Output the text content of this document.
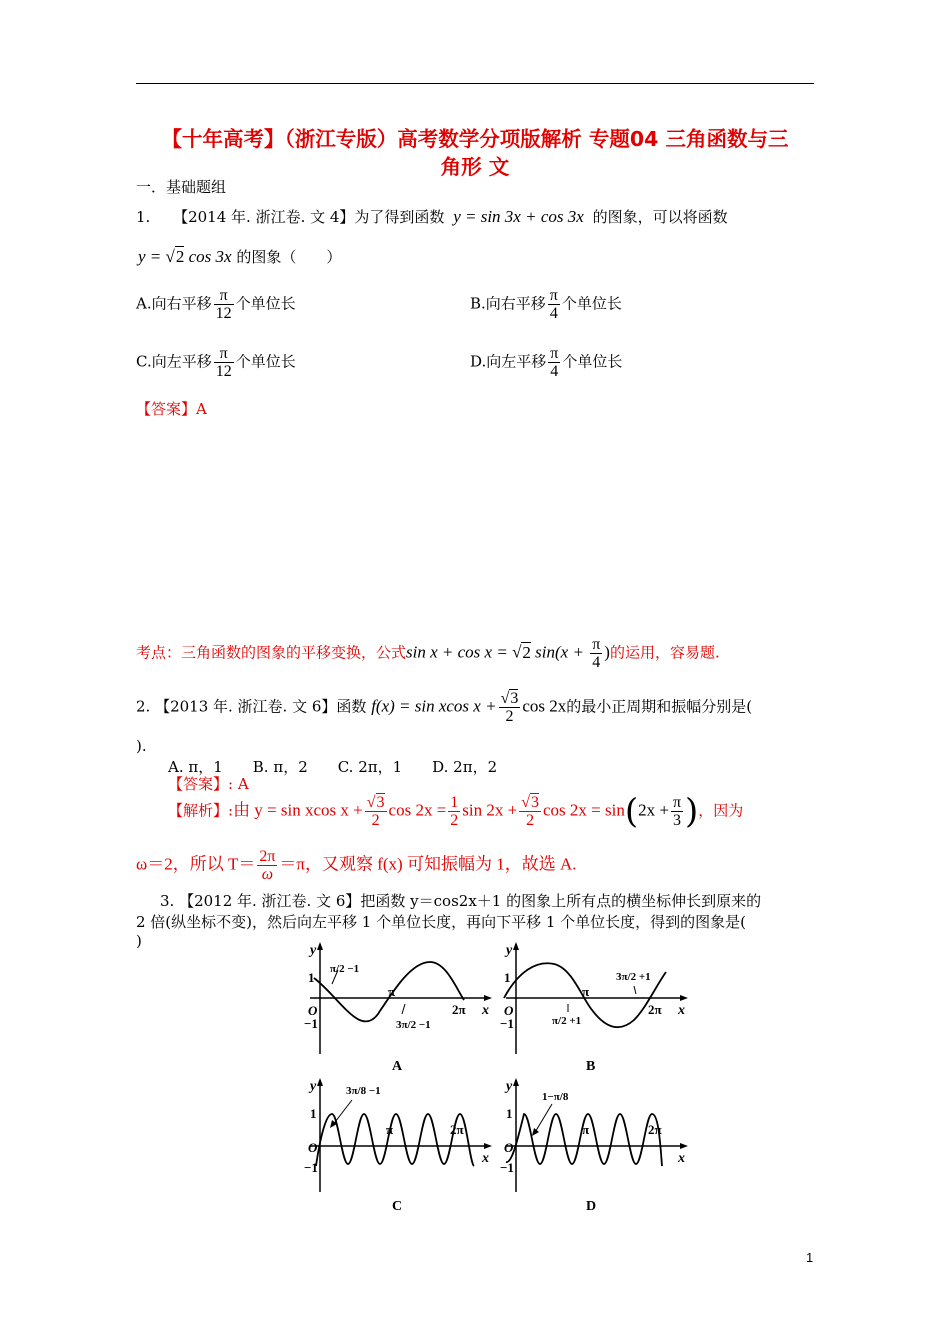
【十年高考】（浙江专版）高考数学分项版解析 专题04 三角函数与三
角形 文
一．基础题组
1. 【2014 年. 浙江卷. 文 4】为了得到函数 y = sin 3x + cos 3x 的图象，可以将函数
y = √2 cos 3x 的图象（　　）
A.向右平移 $\frac{\pi}{12}$ 个单位长	B.向右平移 $\frac{\pi}{4}$ 个单位长
C.向左平移 $\frac{\pi}{12}$ 个单位长	D.向左平移 $\frac{\pi}{4}$ 个单位长
【答案】A
考点：三角函数的图象的平移变换，公式sin x + cos x = √2 $\sin(x + \frac{\pi}{4}$ )的运用，容易题.
2. 【2013 年. 浙江卷. 文 6】函数 f(x) = sin xcos $x + \frac{√3}{2}$ cos 2x的最小正周期和振幅分别是(
).
A. π，1　　B. π，2　　C. 2π，1　　D. 2π，2
【答案】: A
【解析】:由 y = sin xcos $x + \frac{√3}{2}$ $\cos 2x = \frac{1}{2}$ $\sin 2x + \frac{√3}{2}$ $\cos 2x = \sin(2x + \frac{\pi}{3}$ )，因为
ω＝2，所以 $T= \frac{2\pi}{\omega} =\pi$，又观察 f(x) 可知振幅为 1，故选 A.
3. 【2012 年. 浙江卷. 文 6】把函数 y＝cos2x＋1 的图象上所有点的横坐标伸长到原来的
2 倍(纵坐标不变)，然后向左平移 1 个单位长度，再向下平移 1 个单位长度，得到的图象是(
)
y
x
O
1
−1
π
2π
π/2 −1
3π/2 −1
A
y
x
O
1
−1
π
2π
π/2 +1
3π/2 +1
B
y
x
O
1
−1
π	2π
3π/8 −1
C
y
x
O
1
−1
π	2π
1−π/8
D
1
